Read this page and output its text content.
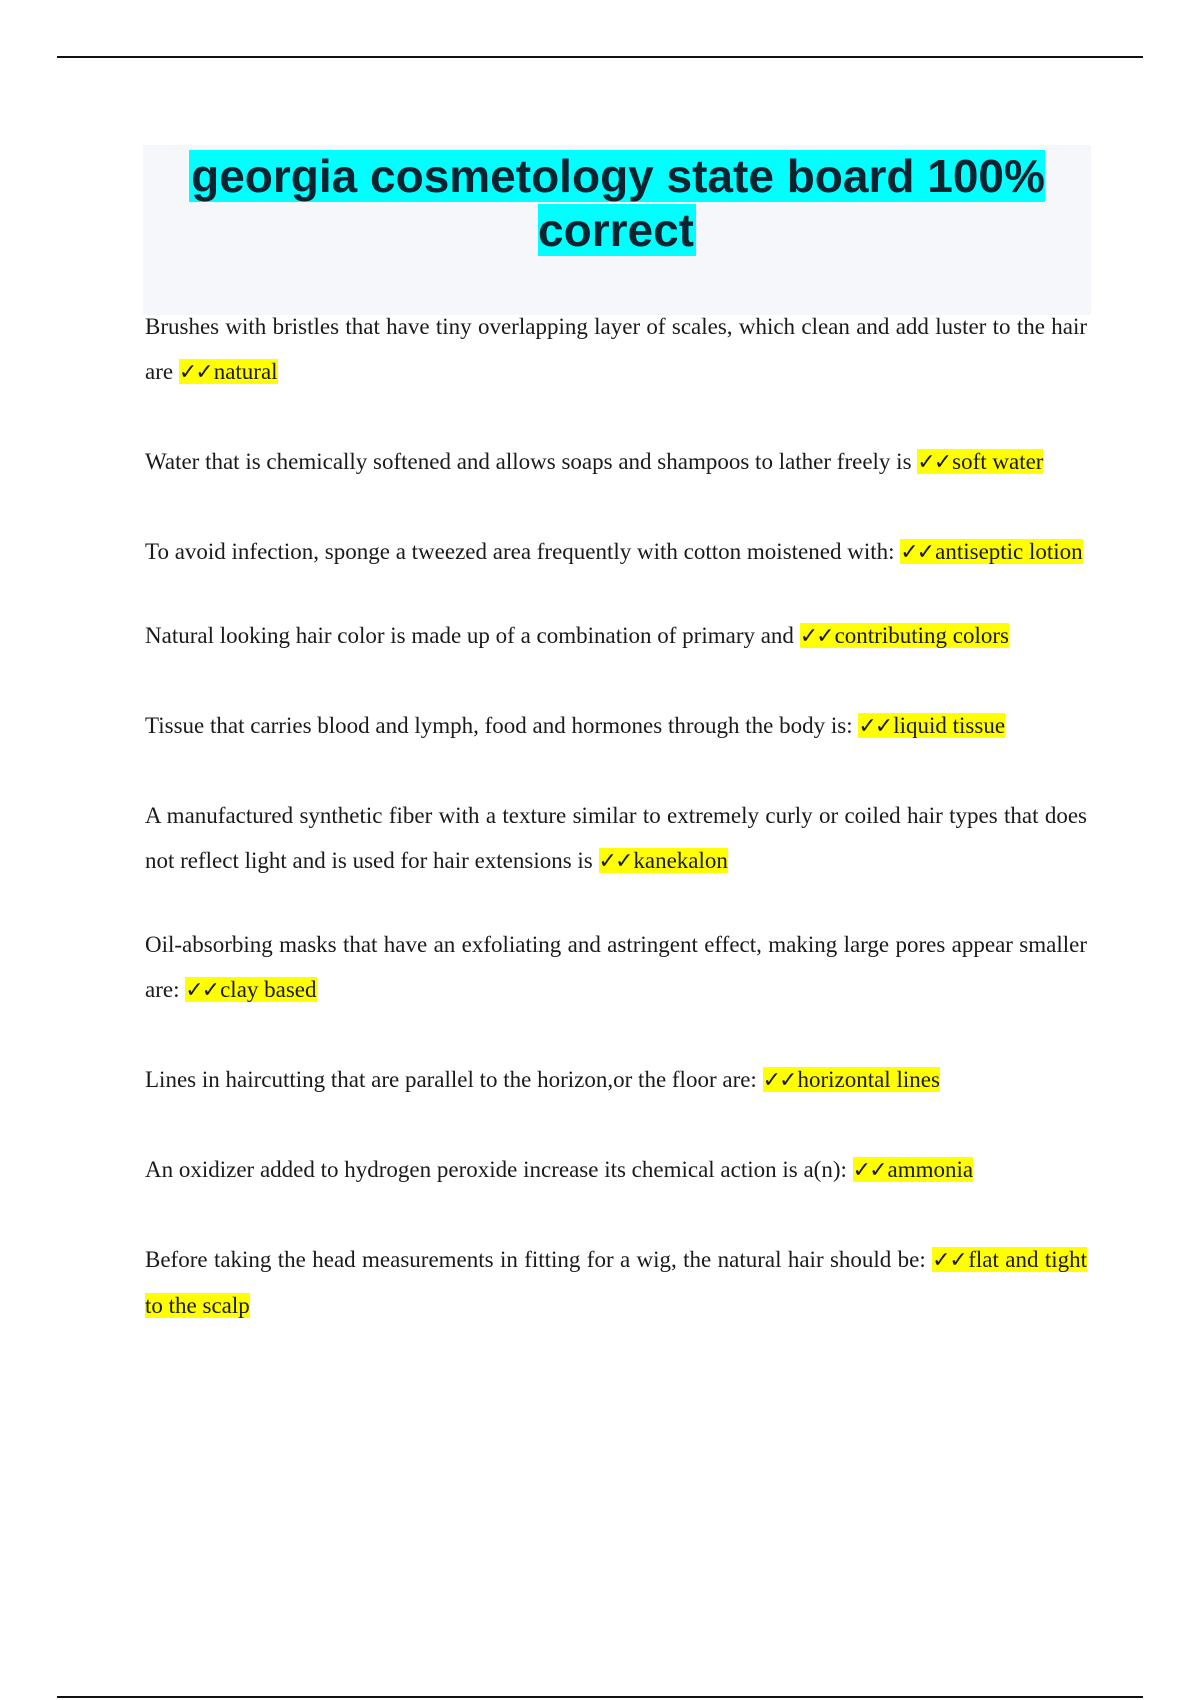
georgia cosmetology state board 100% correct

Brushes with bristles that have tiny overlapping layer of scales, which clean and add luster to the hair are ✓✓natural

Water that is chemically softened and allows soaps and shampoos to lather freely is ✓✓soft water

To avoid infection, sponge a tweezed area frequently with cotton moistened with: ✓✓antiseptic lotion

Natural looking hair color is made up of a combination of primary and ✓✓contributing colors

Tissue that carries blood and lymph, food and hormones through the body is: ✓✓liquid tissue

A manufactured synthetic fiber with a texture similar to extremely curly or coiled hair types that does not reflect light and is used for hair extensions is ✓✓kanekalon

Oil-absorbing masks that have an exfoliating and astringent effect, making large pores appear smaller are: ✓✓clay based

Lines in haircutting that are parallel to the horizon,or the floor are: ✓✓horizontal lines

An oxidizer added to hydrogen peroxide increase its chemical action is a(n): ✓✓ammonia

Before taking the head measurements in fitting for a wig, the natural hair should be: ✓✓flat and tight to the scalp
